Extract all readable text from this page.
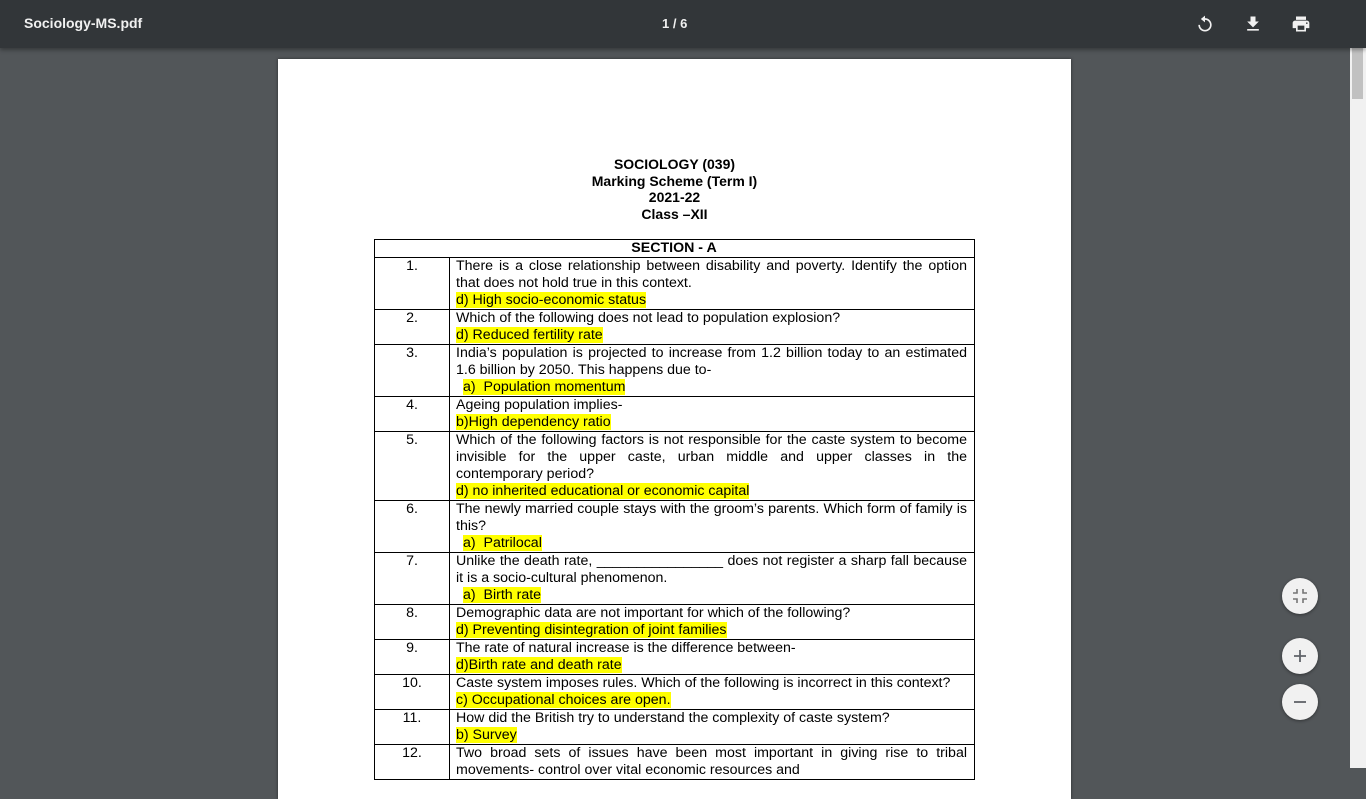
Sociology-MS.pdf	1 / 6
SOCIOLOGY (039)
Marking Scheme (Term I)
2021-22
Class –XII
SECTION - A	
1.	There is a close relationship between disability and poverty. Identify the option that does not hold true in this context.
d) High socio-economic status

2.	Which of the following does not lead to population explosion?
d) Reduced fertility rate

3.	India’s population is projected to increase from 1.2 billion today to an estimated 1.6 billion by 2050. This happens due to-
a)  Population momentum

4.	Ageing population implies-
b)High dependency ratio

5.	Which of the following factors is not responsible for the caste system to become invisible for the upper caste, urban middle and upper classes in the contemporary period?
d) no inherited educational or economic capital

6.	The newly married couple stays with the groom’s parents. Which form of family is this?
a)  Patrilocal

7.	Unlike the death rate, ________________ does not register a sharp fall because it is a socio-cultural phenomenon.
a)  Birth rate

8.	Demographic data are not important for which of the following?
d) Preventing disintegration of joint families

9.	The rate of natural increase is the difference between-
d)Birth rate and death rate

10.	Caste system imposes rules. Which of the following is incorrect in this context?
c) Occupational choices are open.

11.	How did the British try to understand the complexity of caste system?
b) Survey

12.	Two broad sets of issues have been most important in giving rise to tribal movements- control over vital economic resources and
